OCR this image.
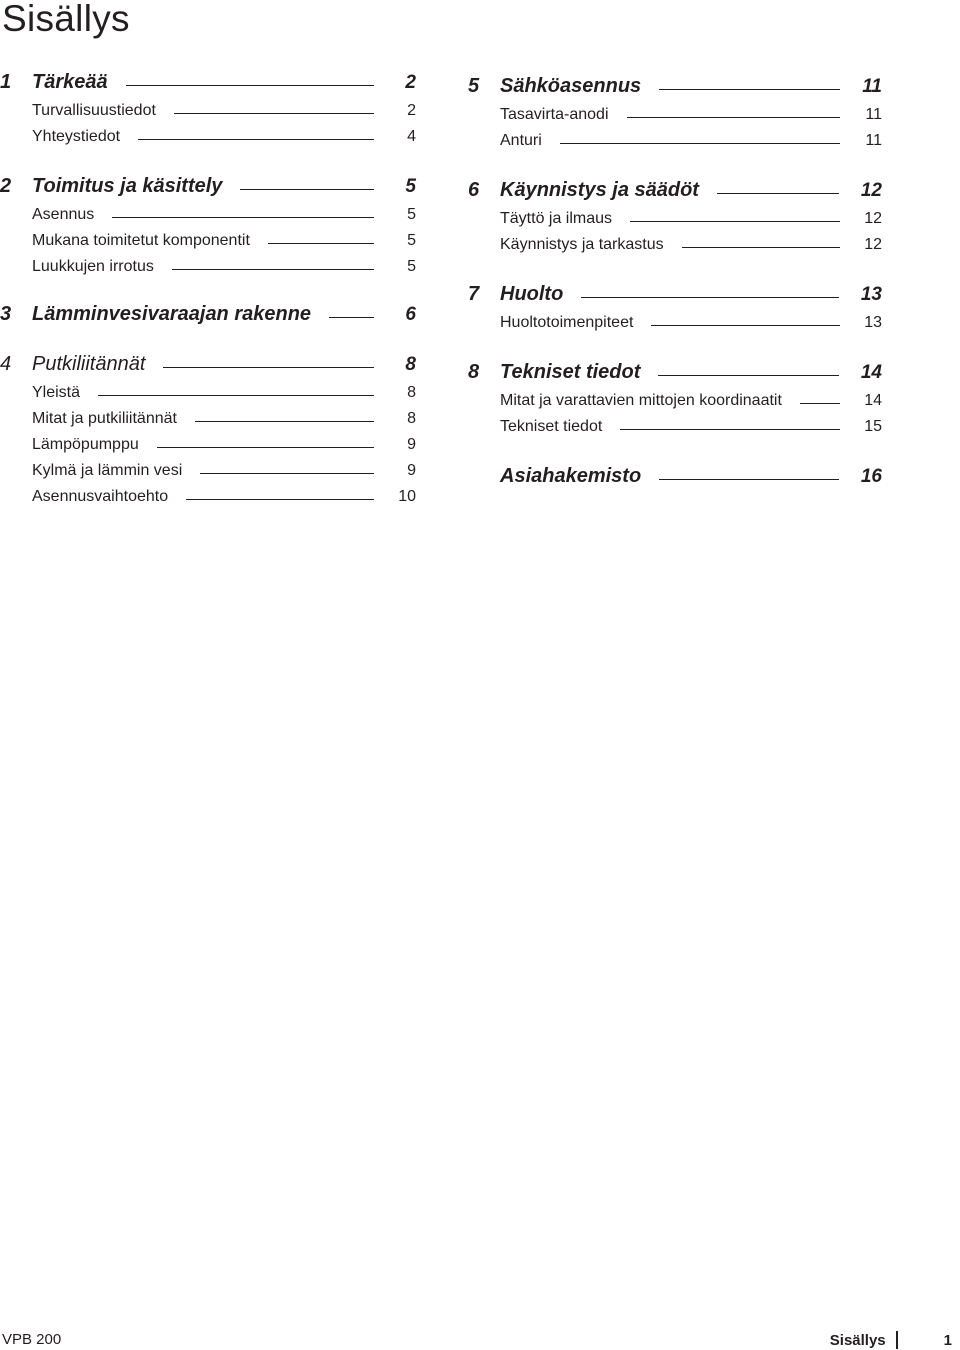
Sisällys
1	Tärkeää	2
Turvallisuustiedot	2
Yhteystiedot	4
2	Toimitus ja käsittely	5
Asennus	5
Mukana toimitetut komponentit	5
Luukkujen irrotus	5
3	Lämminvesivaraajan rakenne	6
4	Putkiliitännät	8
Yleistä	8
Mitat ja putkiliitännät	8
Lämpöpumppu	9
Kylmä ja lämmin vesi	9
Asennusvaihtoehto	10
5	Sähköasennus	11
Tasavirta-anodi	11
Anturi	11
6	Käynnistys ja säädöt	12
Täyttö ja ilmaus	12
Käynnistys ja tarkastus	12
7	Huolto	13
Huoltotoimenpiteet	13
8	Tekniset tiedot	14
Mitat ja varattavien mittojen koordinaatit	14
Tekniset tiedot	15
Asiahakemisto	16
VPB 200	Sisällys	1
